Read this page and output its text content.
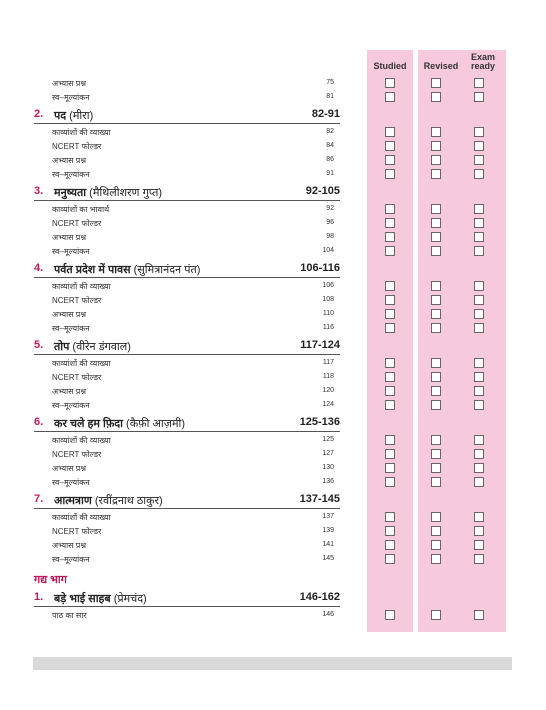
Studied	Revised
Exam
ready
अभ्यास प्रश्न	75
स्व–मूल्यांकन	81
2. पद (मीरा)	82-91
काव्यांशों की व्याख्या	82
NCERT फोल्डर	84
अभ्यास प्रश्न	86
स्व–मूल्यांकन	91
3. मनुष्यता (मैथिलीशरण गुप्त)	92-105
काव्यांशों का भावार्थ	92
NCERT फोल्डर	96
अभ्यास प्रश्न	98
स्व–मूल्यांकन	104
4. पर्वत प्रदेश में पावस (सुमित्रानंदन पंत)	106-116
काव्यांशों की व्याख्या	106
NCERT फोल्डर	108
अभ्यास प्रश्न	110
स्व–मूल्यांकन	116
5. तोप (वीरेन डंगवाल)	117-124
काव्यांशों की व्याख्या	117
NCERT फोल्डर	118
अभ्यास प्रश्न	120
स्व–मूल्यांकन	124
6. कर चले हम फ़िदा (कैफ़ी आज़मी)	125-136
काव्यांशों की व्याख्या	125
NCERT फोल्डर	127
अभ्यास प्रश्न	130
स्व–मूल्यांकन	136
7. आत्मत्राण (रवींद्रनाथ ठाकुर)	137-145
काव्यांशों की व्याख्या	137
NCERT फोल्डर	139
अभ्यास प्रश्न	141
स्व–मूल्यांकन	145
1. बड़े भाई साहब (प्रेमचंद)	146-162
पाठ का सार	146
गद्य भाग
